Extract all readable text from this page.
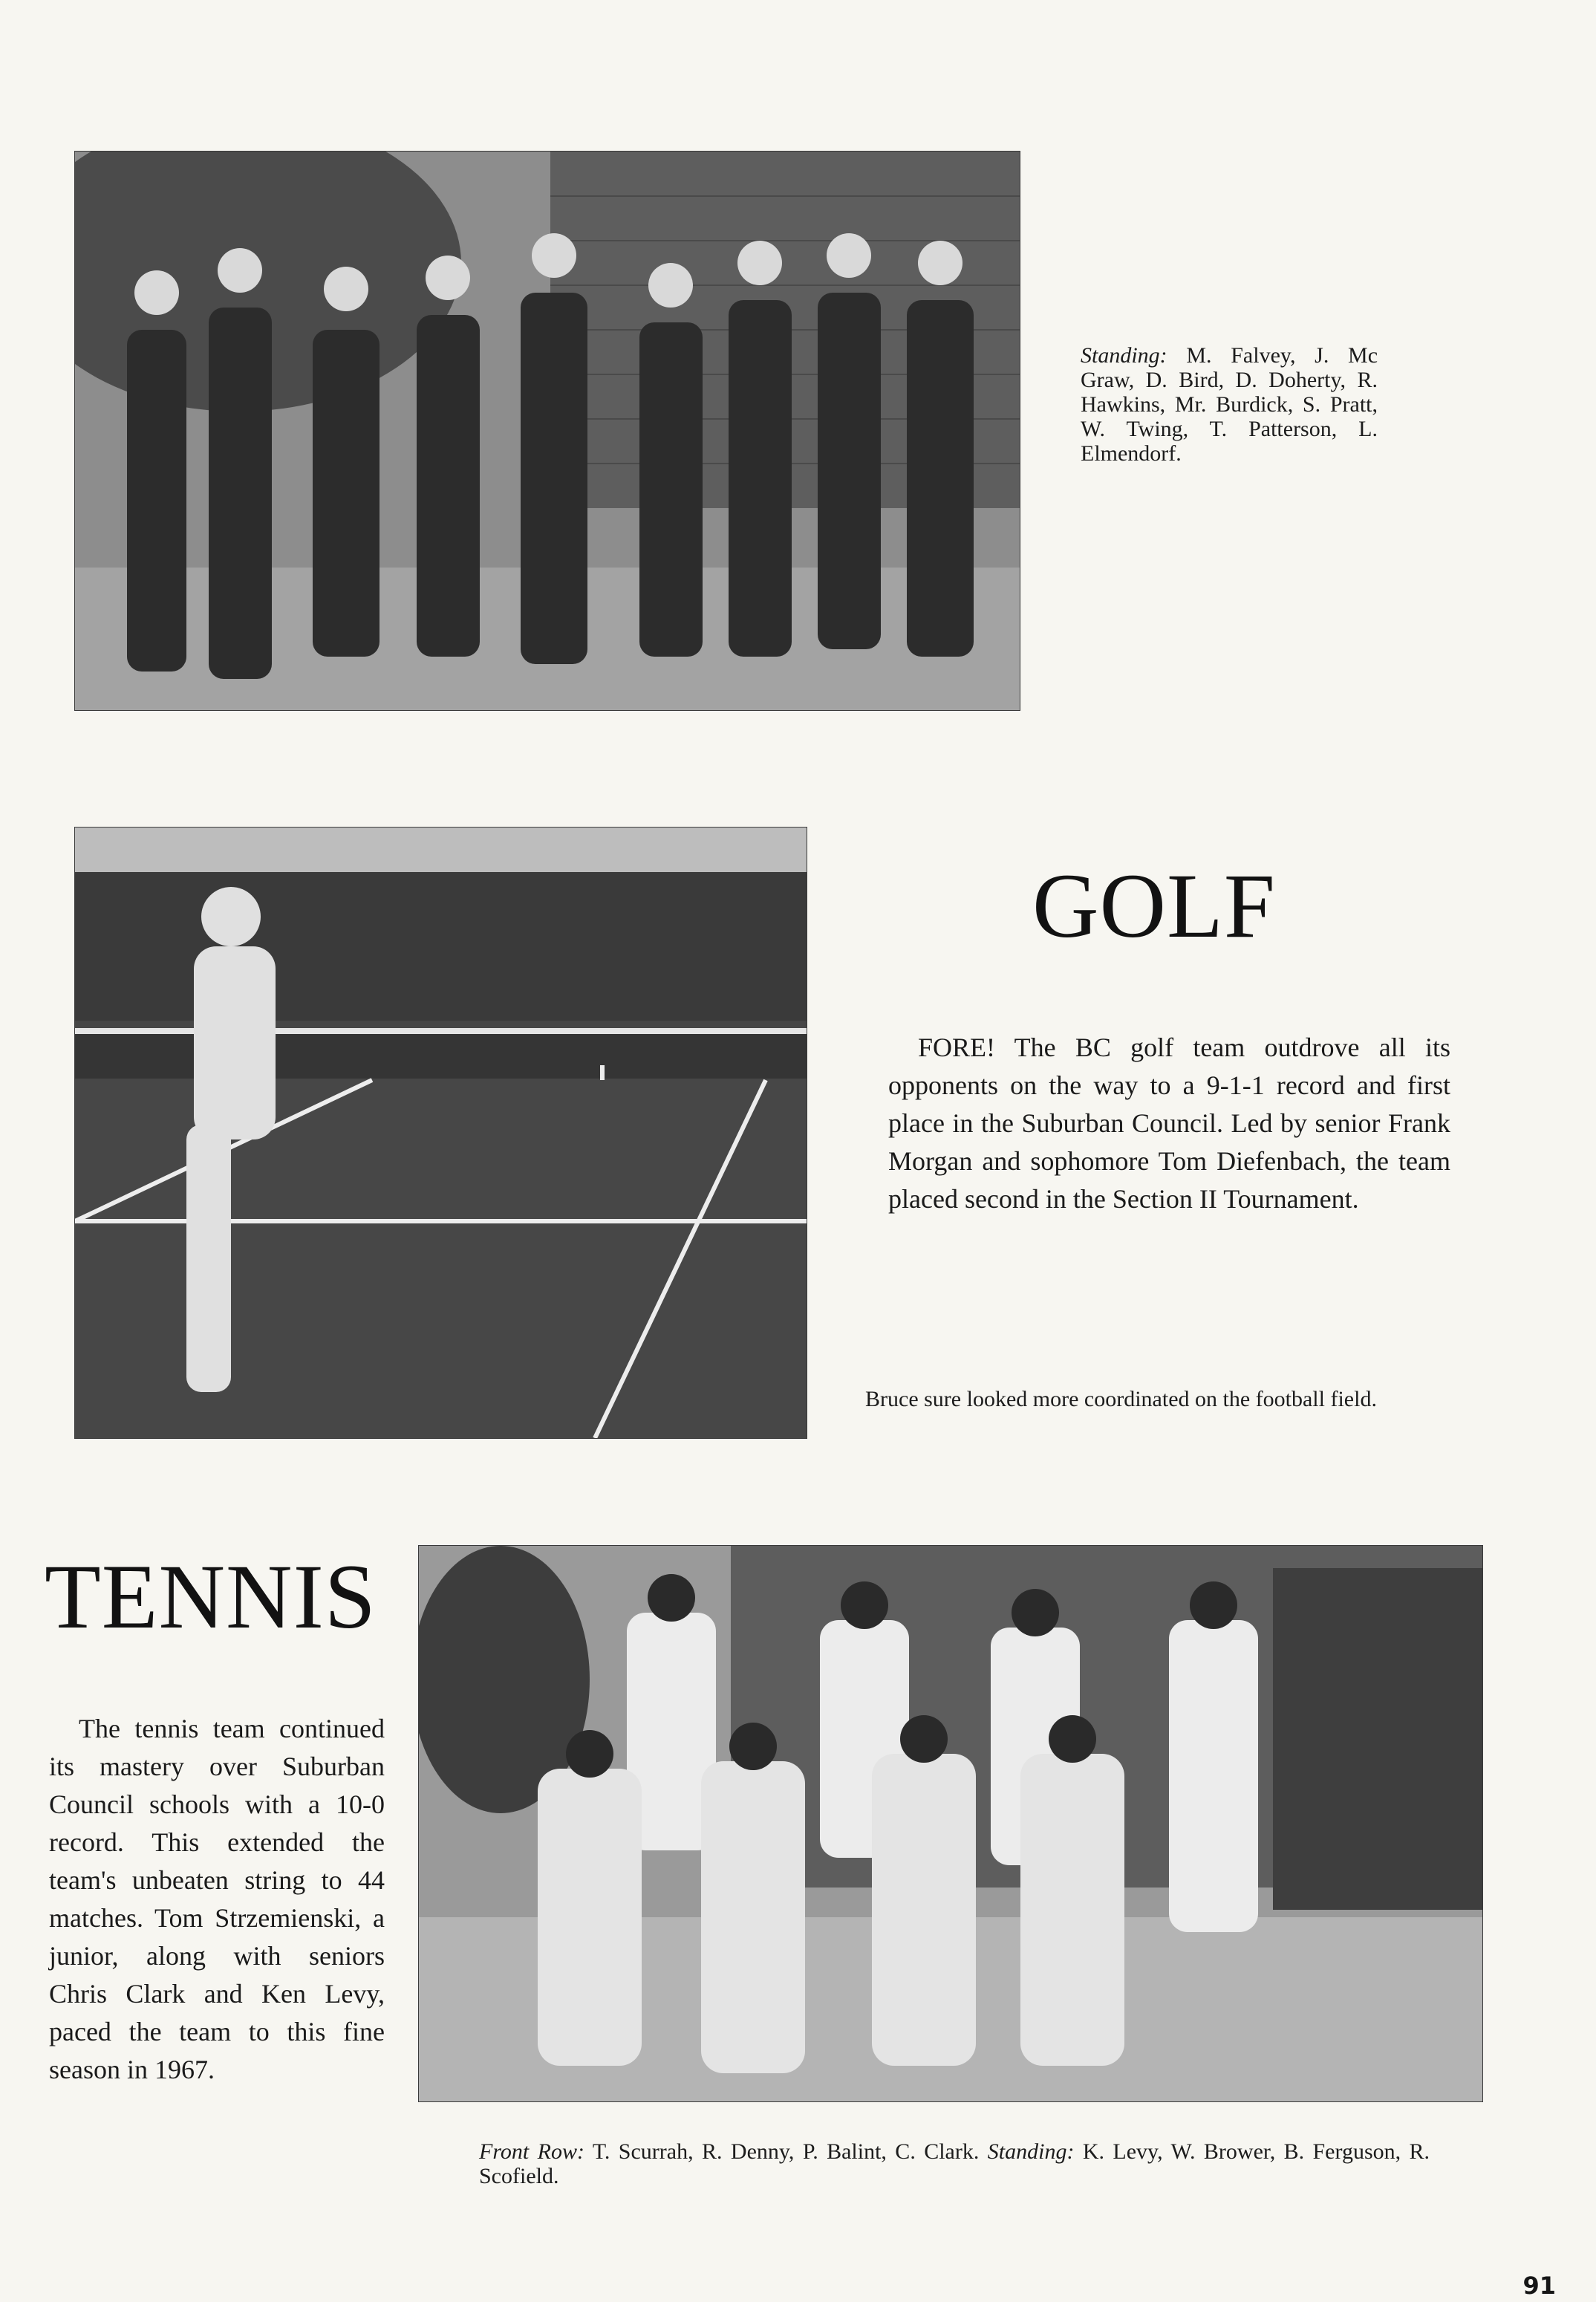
Standing: M. Falvey, J. Mc Graw, D. Bird, D. Doherty, R. Hawkins, Mr. Burdick, S. Pratt, W. Twing, T. Patterson, L. Elmendorf.
GOLF

FORE! The BC golf team outdrove all its opponents on the way to a 9-1-1 record and first place in the Suburban Council. Led by senior Frank Morgan and sophomore Tom Diefenbach, the team placed second in the Section II Tournament.

Bruce sure looked more coordinated on the football field.
TENNIS

The tennis team continued its mastery over Suburban Council schools with a 10-0 record. This extended the team's unbeaten string to 44 matches. Tom Strzemienski, a junior, along with seniors Chris Clark and Ken Levy, paced the team to this fine season in 1967.

Front Row: T. Scurrah, R. Denny, P. Balint, C. Clark. Standing: K. Levy, W. Brower, B. Ferguson, R. Scofield.
91
